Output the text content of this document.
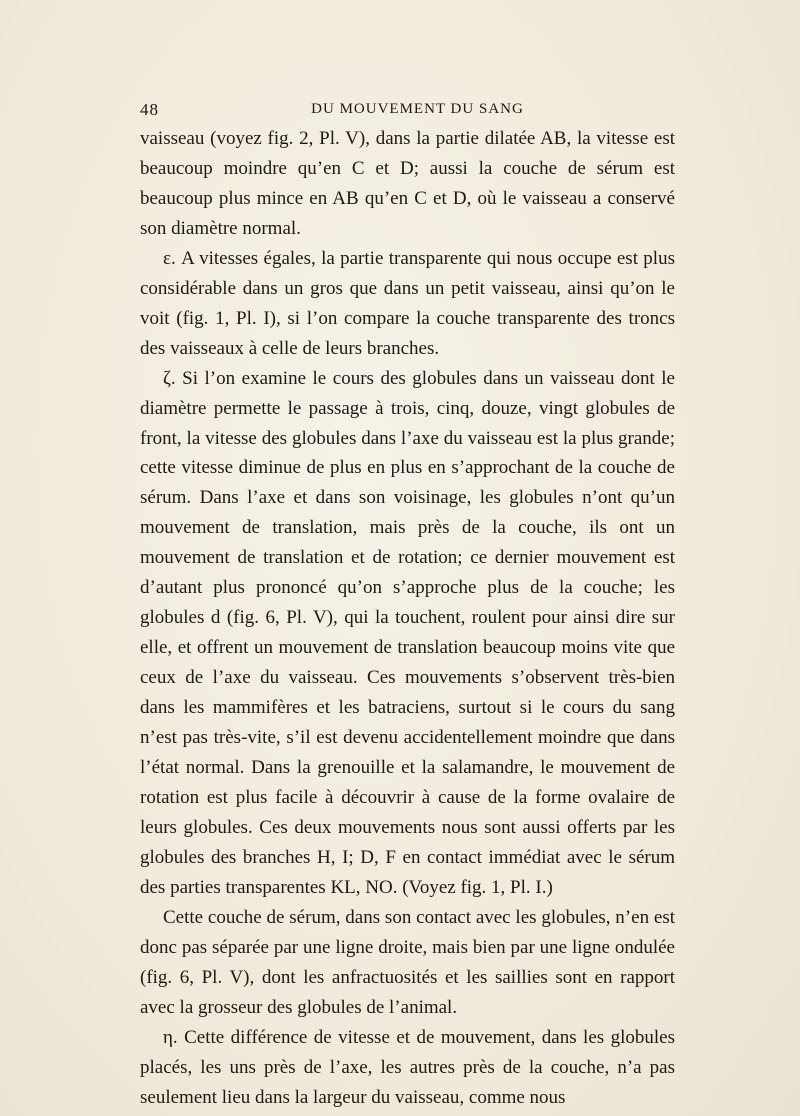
48	DU MOUVEMENT DU SANG

vaisseau (voyez fig. 2, Pl. V), dans la partie dilatée AB, la vitesse est beaucoup moindre qu’en C et D; aussi la couche de sérum est beaucoup plus mince en AB qu’en C et D, où le vaisseau a conservé son diamètre normal.

ε. A vitesses égales, la partie transparente qui nous occupe est plus considérable dans un gros que dans un petit vaisseau, ainsi qu’on le voit (fig. 1, Pl. I), si l’on compare la couche transparente des troncs des vaisseaux à celle de leurs branches.

ζ. Si l’on examine le cours des globules dans un vaisseau dont le diamètre permette le passage à trois, cinq, douze, vingt globules de front, la vitesse des globules dans l’axe du vaisseau est la plus grande; cette vitesse diminue de plus en plus en s’approchant de la couche de sérum. Dans l’axe et dans son voisinage, les globules n’ont qu’un mouvement de translation, mais près de la couche, ils ont un mouvement de translation et de rotation; ce dernier mouvement est d’autant plus prononcé qu’on s’approche plus de la couche; les globules d (fig. 6, Pl. V), qui la touchent, roulent pour ainsi dire sur elle, et offrent un mouvement de translation beaucoup moins vite que ceux de l’axe du vaisseau. Ces mouvements s’observent très-bien dans les mammifères et les batraciens, surtout si le cours du sang n’est pas très-vite, s’il est devenu accidentellement moindre que dans l’état normal. Dans la grenouille et la salamandre, le mouvement de rotation est plus facile à découvrir à cause de la forme ovalaire de leurs globules. Ces deux mouvements nous sont aussi offerts par les globules des branches H, I; D, F en contact immédiat avec le sérum des parties transparentes KL, NO. (Voyez fig. 1, Pl. I.)

Cette couche de sérum, dans son contact avec les globules, n’en est donc pas séparée par une ligne droite, mais bien par une ligne ondulée (fig. 6, Pl. V), dont les anfractuosités et les saillies sont en rapport avec la grosseur des globules de l’animal.

η. Cette différence de vitesse et de mouvement, dans les globules placés, les uns près de l’axe, les autres près de la couche, n’a pas seulement lieu dans la largeur du vaisseau, comme nous
